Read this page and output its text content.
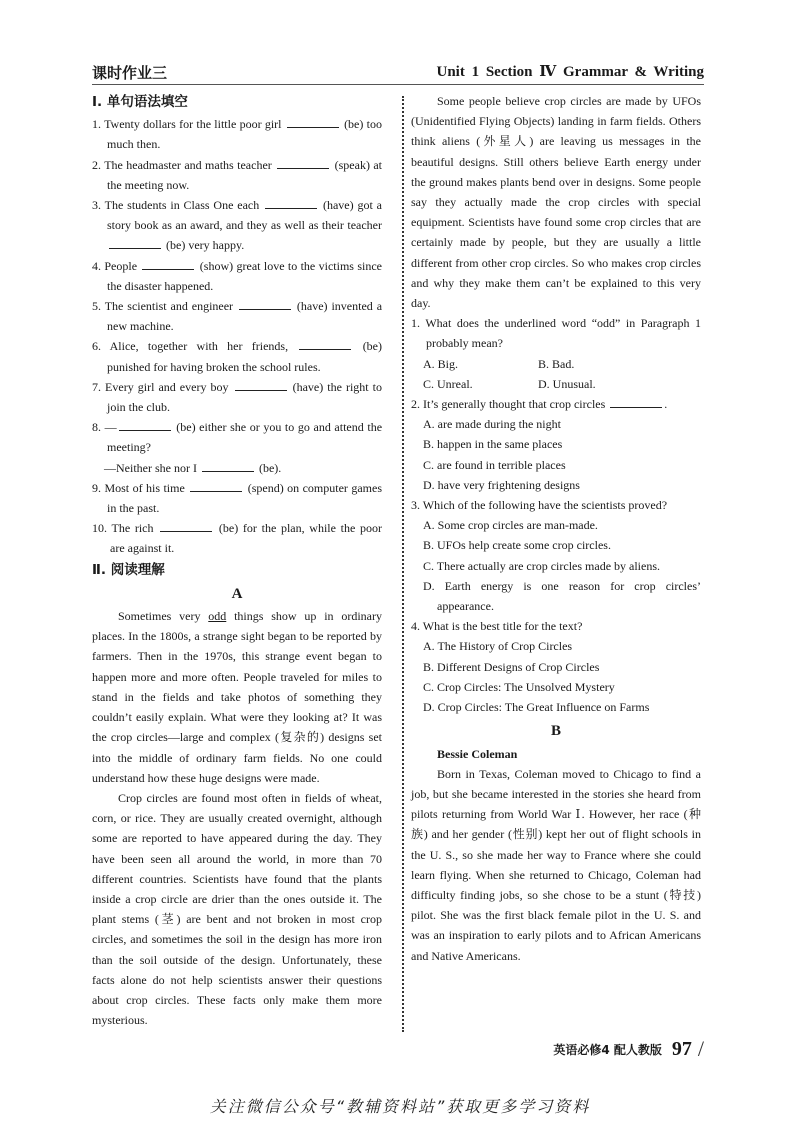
课时作业三	Unit 1 Section Ⅳ Grammar & Writing
Ⅰ. 单句语法填空
1. Twenty dollars for the little poor girl	(be) too much then.
2. The headmaster and maths teacher	(speak) at the meeting now.
3. The students in Class One each	(have) got a story book as an award, and they as well as their teacher  (be) very happy.
4. People	(show) great love to the victims since the disaster happened.
5. The scientist and engineer	(have) invented a new machine.
6. Alice, together with her friends,	(be) punished for having broken the school rules.
7. Every girl and every boy	(have) the right to join the club.
8. —	(be) either she or you to go and attend the meeting?
—Neither she nor I	(be).
9. Most of his time	(spend) on computer games in the past.
10. The rich	(be) for the plan, while the poor are against it.
Ⅱ. 阅读理解
A
Sometimes very odd things show up in ordinary places. In the 1800s, a strange sight began to be reported by farmers. Then in the 1970s, this strange event began to happen more and more often. People traveled for miles to stand in the fields and take photos of something they couldn’t easily explain. What were they looking at? It was the crop circles—large and complex (复杂的) designs set into the middle of ordinary farm fields. No one could understand how these huge designs were made.
Crop circles are found most often in fields of wheat, corn, or rice. They are usually created overnight, although some are reported to have appeared during the day. They have been seen all around the world, in more than 70 different countries. Scientists have found that the plants inside a crop circle are drier than the ones outside it. The plant stems (茎) are bent and not broken in most crop circles, and sometimes the soil in the design has more iron than the soil outside of the design. Unfortunately, these facts alone do not help scientists answer their questions about crop circles. These facts only make them more mysterious.
Some people believe crop circles are made by UFOs (Unidentified Flying Objects) landing in farm fields. Others think aliens (外星人) are leaving us messages in the beautiful designs. Still others believe Earth energy under the ground makes plants bend over in designs. Some people say they actually made the crop circles with special equipment. Scientists have found some crop circles that are certainly made by people, but they are usually a little different from other crop circles. So who makes crop circles and why they make them can’t be explained to this very day.
1. What does the underlined word “odd” in Paragraph 1 probably mean?
A. Big.	B. Bad.
C. Unreal.	D. Unusual.
2. It’s generally thought that crop circles	.
A. are made during the night
B. happen in the same places
C. are found in terrible places
D. have very frightening designs
3. Which of the following have the scientists proved?
A. Some crop circles are man-made.
B. UFOs help create some crop circles.
C. There actually are crop circles made by aliens.
D. Earth energy is one reason for crop circles’ appearance.
4. What is the best title for the text?
A. The History of Crop Circles
B. Different Designs of Crop Circles
C. Crop Circles: The Unsolved Mystery
D. Crop Circles: The Great Influence on Farms
B
Bessie Coleman
Born in Texas, Coleman moved to Chicago to find a job, but she became interested in the stories she heard from pilots returning from World War Ⅰ. However, her race (种族) and her gender (性别) kept her out of flight schools in the U. S., so she made her way to France where she could learn flying. When she returned to Chicago, Coleman had difficulty finding jobs, so she chose to be a stunt (特技) pilot. She was the first black female pilot in the U. S. and was an inspiration to early pilots and to African Americans and Native Americans.
英语必修4 配人教版 97 /
关注微信公众号“教辅资料站”获取更多学习资料
